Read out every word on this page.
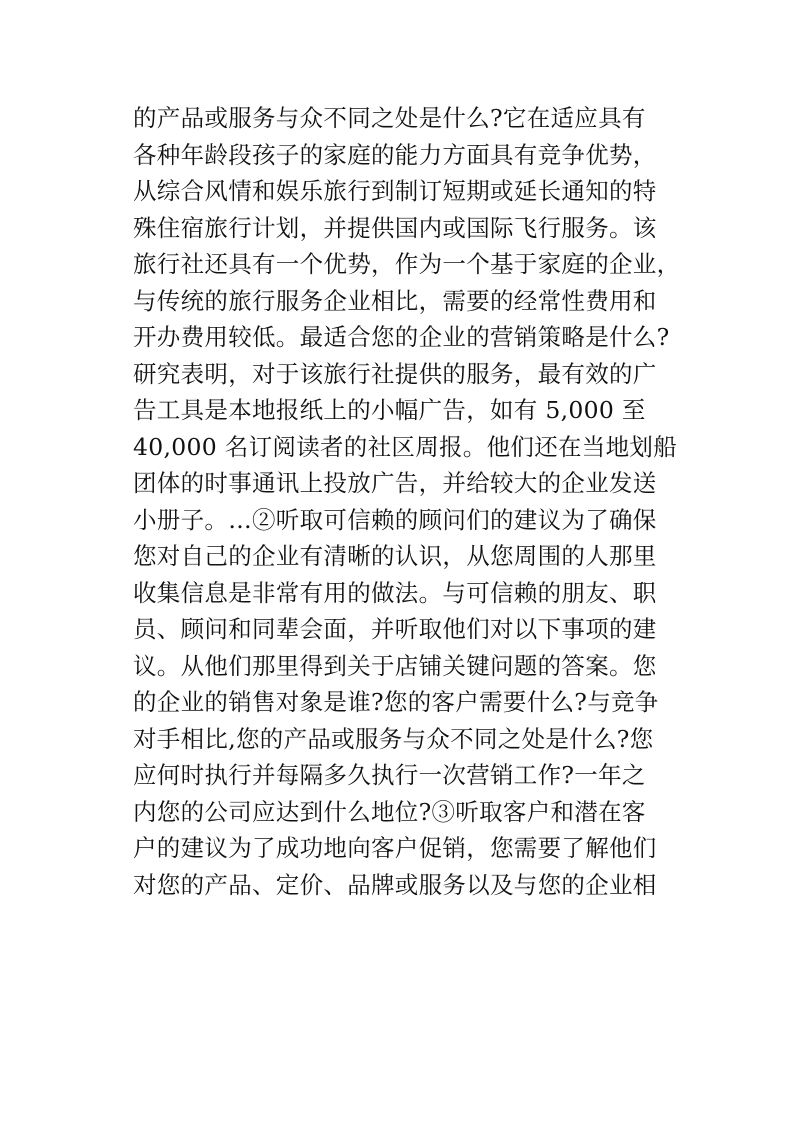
的产品或服务与众不同之处是什么?它在适应具有
各种年龄段孩子的家庭的能力方面具有竞争优势，
从综合风情和娱乐旅行到制订短期或延长通知的特
殊住宿旅行计划，并提供国内或国际飞行服务。该
旅行社还具有一个优势，作为一个基于家庭的企业，
与传统的旅行服务企业相比，需要的经常性费用和
开办费用较低。最适合您的企业的营销策略是什么?
研究表明，对于该旅行社提供的服务，最有效的广
告工具是本地报纸上的小幅广告，如有 5,000 至
40,000 名订阅读者的社区周报。他们还在当地划船
团体的时事通讯上投放广告，并给较大的企业发送
小册子。…②听取可信赖的顾问们的建议为了确保
您对自己的企业有清晰的认识，从您周围的人那里
收集信息是非常有用的做法。与可信赖的朋友、职
员、顾问和同辈会面，并听取他们对以下事项的建
议。从他们那里得到关于店铺关键问题的答案。您
的企业的销售对象是谁?您的客户需要什么?与竞争
对手相比,您的产品或服务与众不同之处是什么?您
应何时执行并每隔多久执行一次营销工作?一年之
内您的公司应达到什么地位?③听取客户和潜在客
户的建议为了成功地向客户促销，您需要了解他们
对您的产品、定价、品牌或服务以及与您的企业相
